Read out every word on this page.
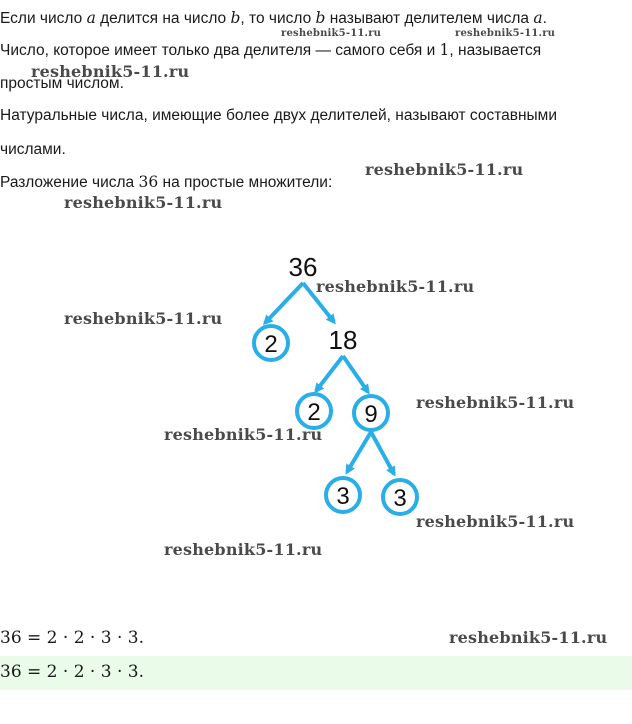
Если число a делится на число b, то число b называют делителем числа a.
Число, которое имеет только два делителя — самого себя и 1, называется
простым числом.
Натуральные числа, имеющие более двух делителей, называют составными
числами.
Разложение числа 36 на простые множители:
36
2 18
2 9
3 3
36 = 2 · 2 · 3 · 3.
36 = 2 · 2 · 3 · 3.
reshebnik5-11.ru	reshebnik5-11.ru
reshebnik5-11.ru
reshebnik5-11.ru
reshebnik5-11.ru
reshebnik5-11.ru
reshebnik5-11.ru
reshebnik5-11.ru
reshebnik5-11.ru
reshebnik5-11.ru
reshebnik5-11.ru
reshebnik5-11.ru
